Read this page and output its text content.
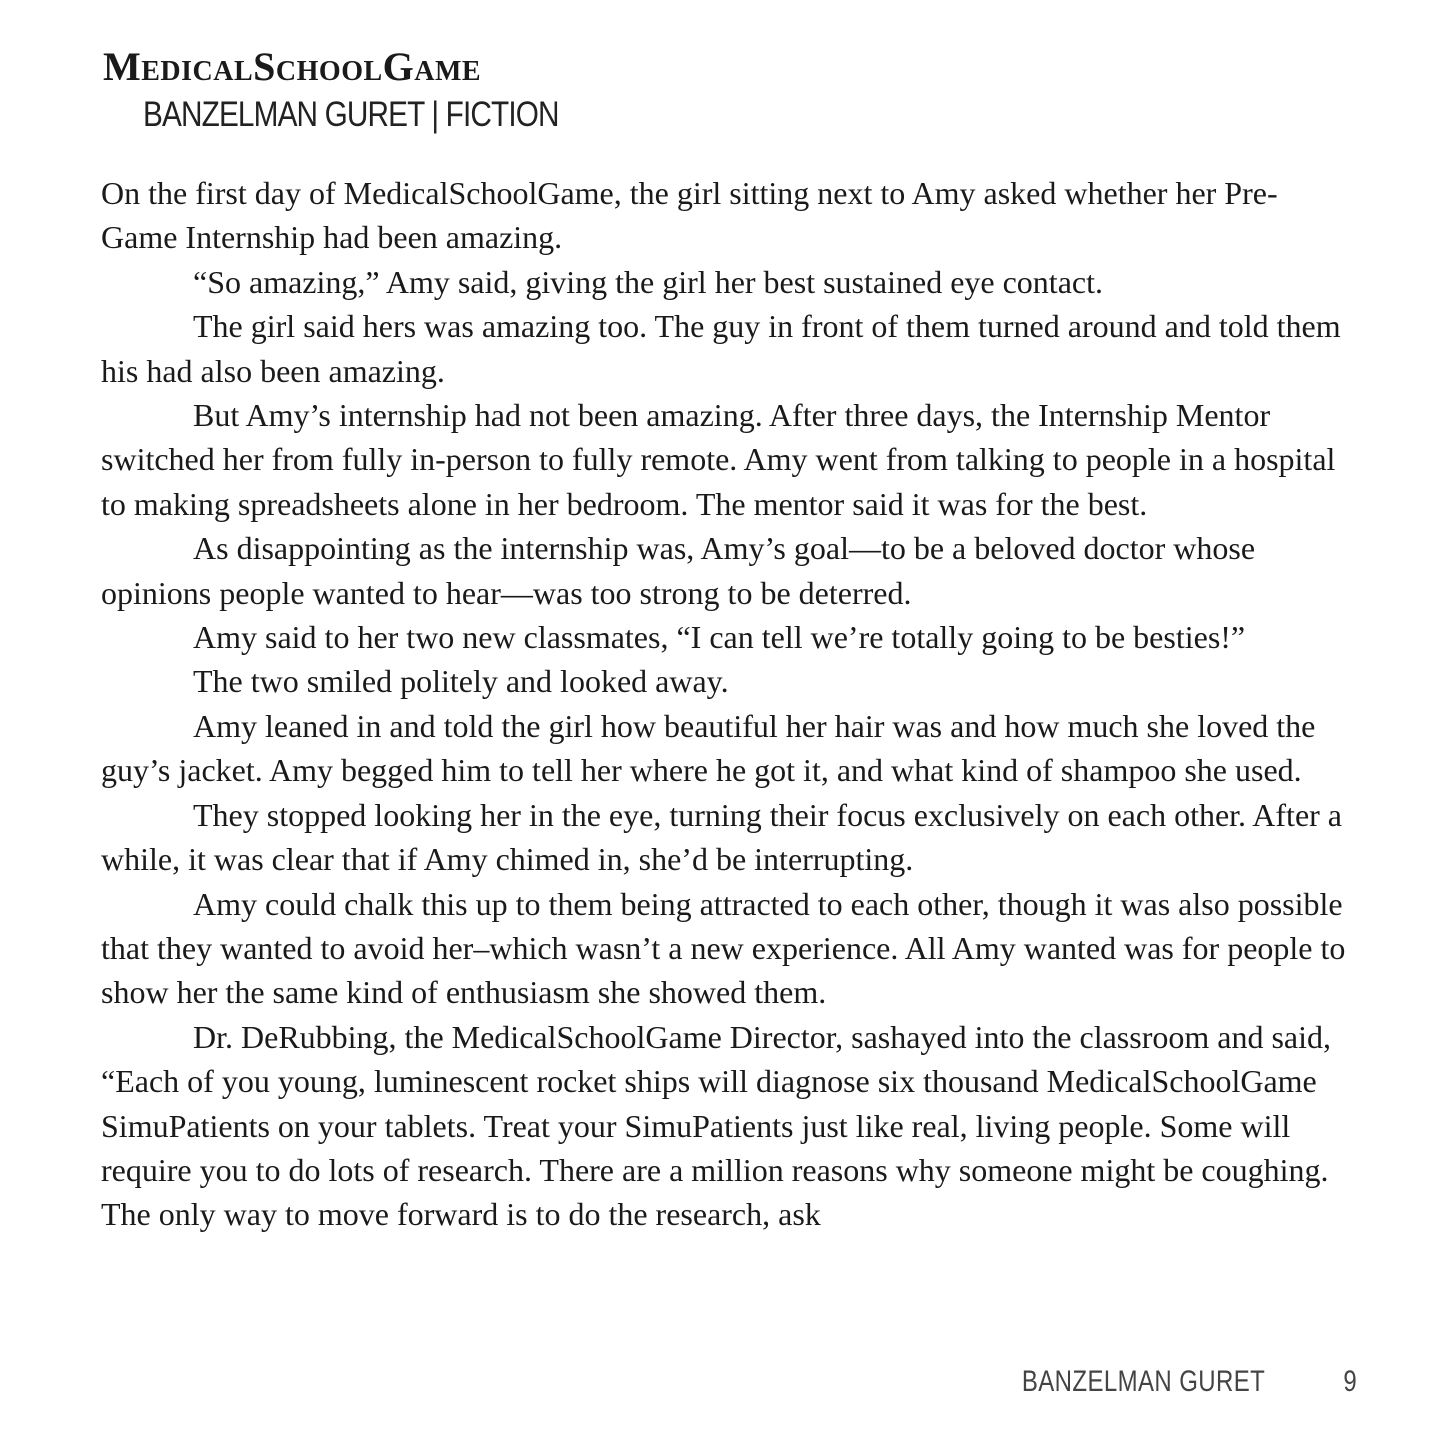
MedicalSchoolGame
BANZELMAN GURET | FICTION

On the first day of MedicalSchoolGame, the girl sitting next to Amy asked whether her Pre-Game Internship had been amazing.

“So amazing,” Amy said, giving the girl her best sustained eye contact.

The girl said hers was amazing too. The guy in front of them turned around and told them his had also been amazing.

But Amy’s internship had not been amazing. After three days, the Internship Mentor switched her from fully in-person to fully remote. Amy went from talking to people in a hospital to making spreadsheets alone in her bedroom. The mentor said it was for the best.

As disappointing as the internship was, Amy’s goal—to be a beloved doctor whose opinions people wanted to hear—was too strong to be deterred.

Amy said to her two new classmates, “I can tell we’re totally going to be besties!”

The two smiled politely and looked away.

Amy leaned in and told the girl how beautiful her hair was and how much she loved the guy’s jacket. Amy begged him to tell her where he got it, and what kind of shampoo she used.

They stopped looking her in the eye, turning their focus exclusively on each other. After a while, it was clear that if Amy chimed in, she’d be interrupting.

Amy could chalk this up to them being attracted to each other, though it was also possible that they wanted to avoid her–which wasn’t a new experience. All Amy wanted was for people to show her the same kind of enthusiasm she showed them.

Dr. DeRubbing, the MedicalSchoolGame Director, sashayed into the classroom and said, “Each of you young, luminescent rocket ships will diagnose six thousand MedicalSchoolGame SimuPatients on your tablets. Treat your SimuPatients just like real, living people. Some will require you to do lots of research. There are a million reasons why someone might be coughing. The only way to move forward is to do the research, ask

BANZELMAN GURET	9
